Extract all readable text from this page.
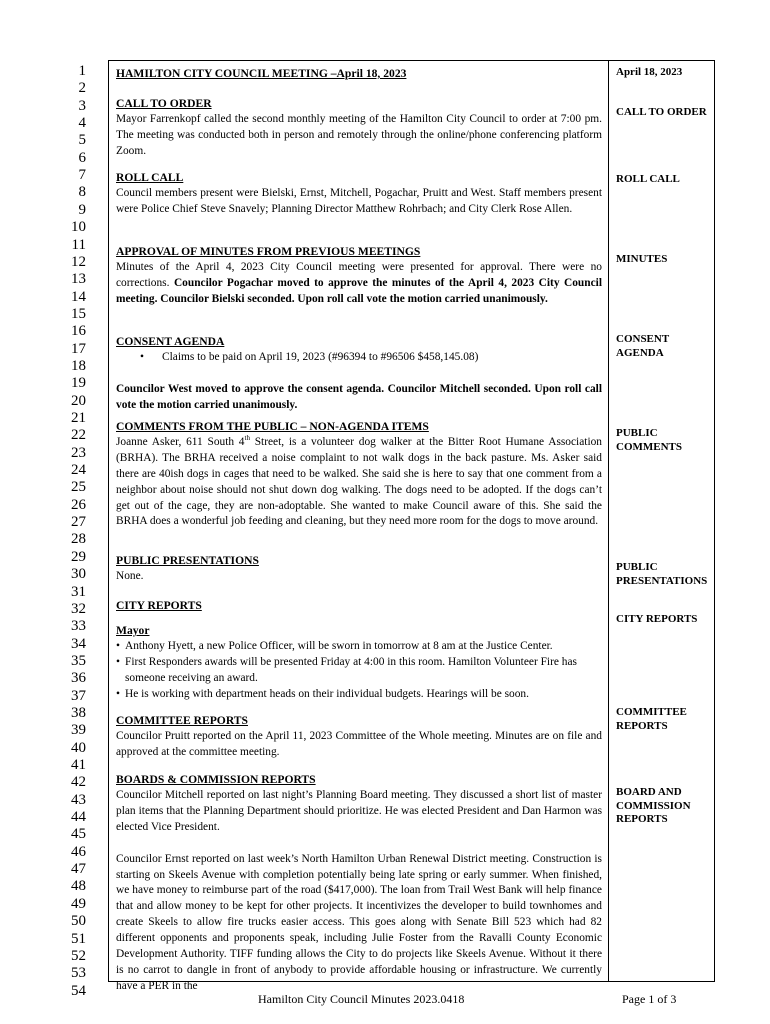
1
2
3
4
5
6
7
8
9
10
11
12
13
14
15
16
17
18
19
20
21
22
23
24
25
26
27
28
29
30
31
32
33
34
35
36
37
38
39
40
41
42
43
44
45
46
47
48
49
50
51
52
53
54
HAMILTON CITY COUNCIL MEETING –April 18, 2023
CALL TO ORDER

Mayor Farrenkopf called the second monthly meeting of the Hamilton City Council to order at 7:00 pm. The meeting was conducted both in person and remotely through the online/phone conferencing platform Zoom.

ROLL CALL

Council members present were Bielski, Ernst, Mitchell, Pogachar, Pruitt and West. Staff members present were Police Chief Steve Snavely; Planning Director Matthew Rohrbach; and City Clerk Rose Allen.

APPROVAL OF MINUTES FROM PREVIOUS MEETINGS

Minutes of the April 4, 2023 City Council meeting were presented for approval. There were no corrections. Councilor Pogachar moved to approve the minutes of the April 4, 2023 City Council meeting. Councilor Bielski seconded. Upon roll call vote the motion carried unanimously.

CONSENT AGENDA
• Claims to be paid on April 19, 2023 (#96394 to #96506 $458,145.08)

Councilor West moved to approve the consent agenda. Councilor Mitchell seconded. Upon roll call vote the motion carried unanimously.

COMMENTS FROM THE PUBLIC – NON-AGENDA ITEMS

Joanne Asker, 611 South 4th Street, is a volunteer dog walker at the Bitter Root Humane Association (BRHA). The BRHA received a noise complaint to not walk dogs in the back pasture. Ms. Asker said there are 40ish dogs in cages that need to be walked. She said she is here to say that one comment from a neighbor about noise should not shut down dog walking. The dogs need to be adopted. If the dogs can’t get out of the cage, they are non-adoptable. She wanted to make Council aware of this. She said the BRHA does a wonderful job feeding and cleaning, but they need more room for the dogs to move around.

PUBLIC PRESENTATIONS

None.

CITY REPORTS
Mayor
• Anthony Hyett, a new Police Officer, will be sworn in tomorrow at 8 am at the Justice Center.
• First Responders awards will be presented Friday at 4:00 in this room. Hamilton Volunteer Fire has someone receiving an award.
• He is working with department heads on their individual budgets. Hearings will be soon.
COMMITTEE REPORTS

Councilor Pruitt reported on the April 11, 2023 Committee of the Whole meeting. Minutes are on file and approved at the committee meeting.

BOARDS & COMMISSION REPORTS

Councilor Mitchell reported on last night’s Planning Board meeting. They discussed a short list of master plan items that the Planning Department should prioritize. He was elected President and Dan Harmon was elected Vice President.

Councilor Ernst reported on last week’s North Hamilton Urban Renewal District meeting. Construction is starting on Skeels Avenue with completion potentially being late spring or early summer. When finished, we have money to reimburse part of the road ($417,000). The loan from Trail West Bank will help finance that and allow money to be kept for other projects. It incentivizes the developer to build townhomes and create Skeels to allow fire trucks easier access. This goes along with Senate Bill 523 which had 82 different opponents and proponents speak, including Julie Foster from the Ravalli County Economic Development Authority. TIFF funding allows the City to do projects like Skeels Avenue. Without it there is no carrot to dangle in front of anybody to provide affordable housing or infrastructure. We currently have a PER in the

April 18, 2023
CALL TO ORDER
ROLL CALL
MINUTES
CONSENT AGENDA
PUBLIC COMMENTS
PUBLIC PRESENTATIONS
CITY REPORTS
COMMITTEE REPORTS
BOARD AND COMMISSION REPORTS
Hamilton City Council Minutes 2023.0418	Page 1 of 3
